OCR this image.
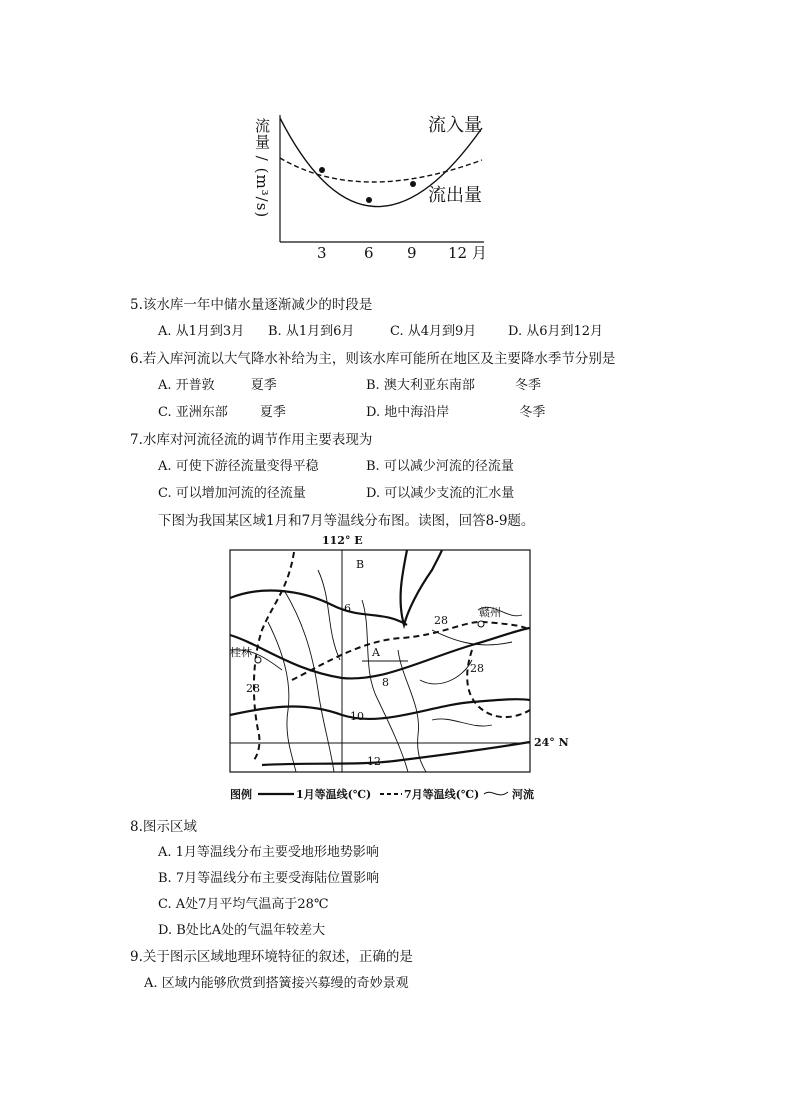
流量 / (m³/s)	流入量
流出量
3 6 9 12 月
5.该水库一年中储水量逐渐减少的时段是
A. 从1月到3月 B. 从1月到6月	C. 从4月到9月 D. 从6月到12月
6.若入库河流以大气降水补给为主，则该水库可能所在地区及主要降水季节分别是
A. 开普敦	夏季	B. 澳大利亚东南部	冬季
C. 亚洲东部 夏季	D. 地中海沿岸	冬季
7.水库对河流径流的调节作用主要表现为
A. 可使下游径流量变得平稳	B. 可以减少河流的径流量
C. 可以增加河流的径流量	D. 可以减少支流的汇水量
下图为我国某区域1月和7月等温线分布图。读图，回答8-9题。
112° E
24° N
6
8
10
12
28
28
28
B
A
桂林
赣州
图例	1月等温线(℃)	7月等温线(℃)	河流
8.图示区域
A. 1月等温线分布主要受地形地势影响
B. 7月等温线分布主要受海陆位置影响
C. A处7月平均气温高于28℃
D. B处比A处的气温年较差大
9.关于图示区域地理环境特征的叙述，正确的是
A. 区域内能够欣赏到搭簧接兴募缦的奇妙景观
